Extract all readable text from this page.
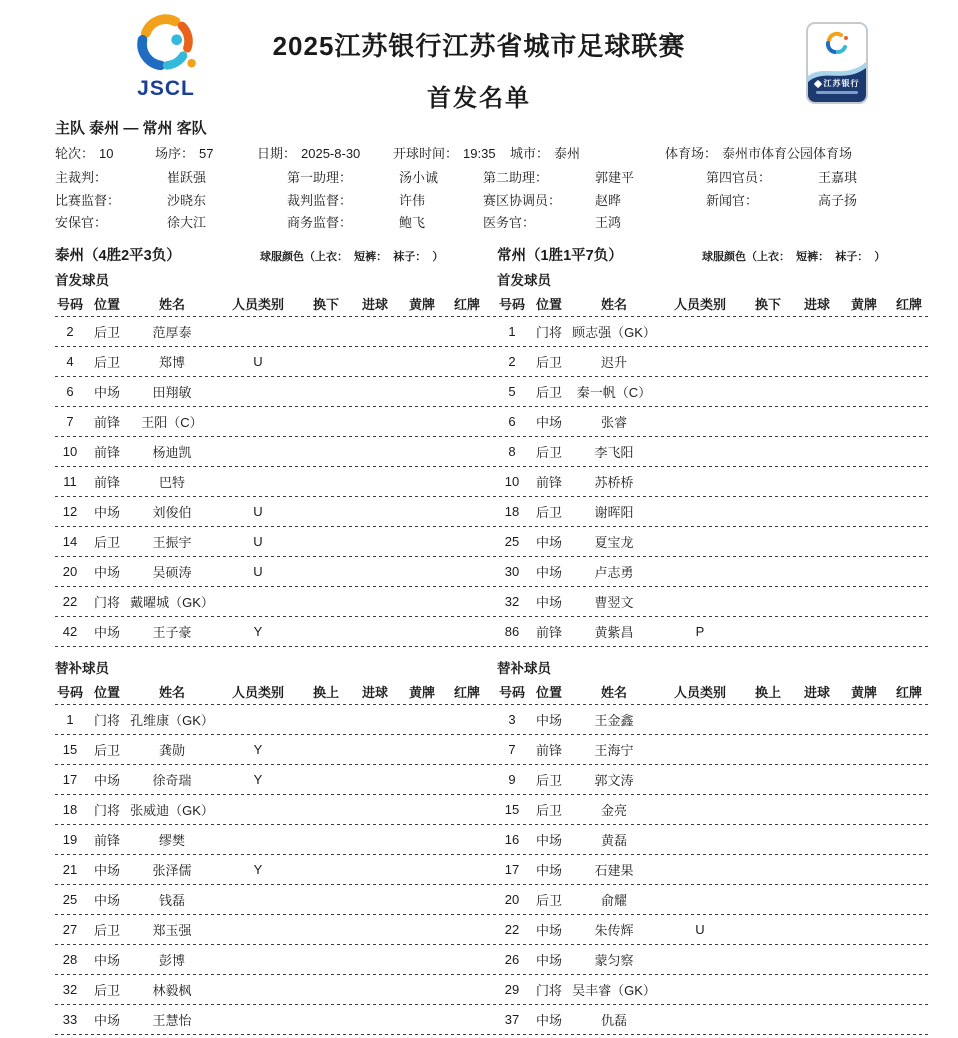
JSCL
2025江苏银行江苏省城市足球联赛
首发名单
江苏银行
主队 泰州 — 常州 客队
轮次： 10	场序： 57	日期： 2025-8-30	开球时间： 19:35 城市： 泰州	体育场： 泰州市体育公园体育场
主裁判：	崔跃强	第一助理：	汤小诚	第二助理：	郭建平	第四官员：	王嘉琪
比赛监督：	沙晓东	裁判监督：	许伟	赛区协调员：	赵晔	新闻官：	高子扬
安保官：	徐大江	商务监督：	鲍飞	医务官：	王鸿
泰州（4胜2平3负）	球服颜色（上衣：  短裤：  袜子：  ）	常州（1胜1平7负）	球服颜色（上衣：  短裤：  袜子：  ）
首发球员	首发球员
号码 位置	姓名	人员类别	换下	进球	黄牌	红牌	号码 位置	姓名	人员类别	换下	进球	黄牌	红牌
2	后卫	范厚泰	1	门将 顾志强（GK）
4	后卫	郑博	U	2	后卫	迟升
6	中场	田翔敏	5	后卫	秦一帆（C）
7	前锋	王阳（C）	6	中场	张睿
10	前锋	杨迪凯	8	后卫	李飞阳
11	前锋	巴特	10	前锋	苏桥桥
12	中场	刘俊伯	U	18	后卫	谢晖阳
14	后卫	王振宇	U	25	中场	夏宝龙
20	中场	吴硕涛	U	30	中场	卢志勇
22	门将 戴曜城（GK）	32	中场	曹翌文
42	中场	王子豪	Y	86	前锋	黄紫昌	P
替补球员	替补球员
号码 位置	姓名	人员类别	换上	进球	黄牌	红牌	号码 位置	姓名	人员类别	换上	进球	黄牌	红牌
1	门将 孔维康（GK）	3	中场	王金鑫
15	后卫	龚勋	Y	7	前锋	王海宁
17	中场	徐奇瑞	Y	9	后卫	郭文涛
18	门将 张威迪（GK）	15	后卫	金亮
19	前锋	缪樊	16	中场	黄磊
21	中场	张泽儒	Y	17	中场	石建果
25	中场	钱磊	20	后卫	俞耀
27	后卫	郑玉强	22	中场	朱传辉	U
28	中场	彭博	26	中场	蒙匀察
32	后卫	林毅枫	29	门将 吴丰睿（GK）
33	中场	王慧怡	37	中场	仇磊
